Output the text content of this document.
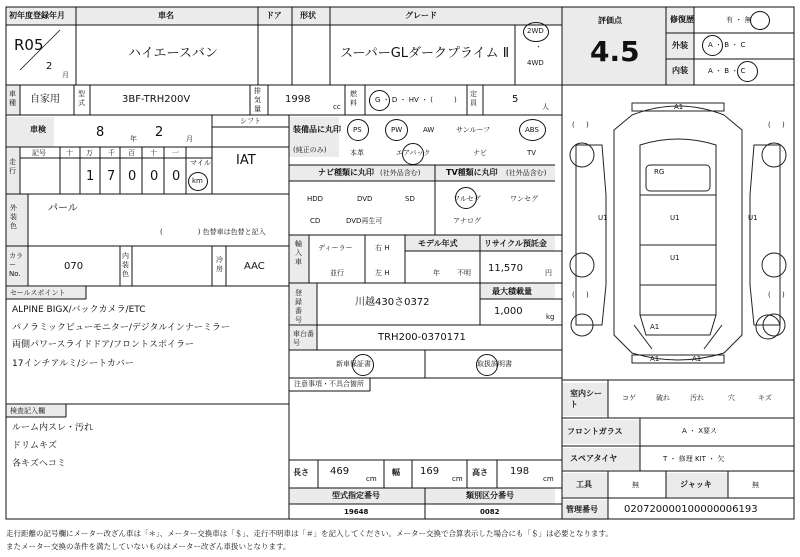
( )	( )
( )	( )
A1
A1
RG
U1	U1
U1
U1
A1	A1
初年度登録年月
R05
2
月
車名
ハイエースバン
ドア 形状	グレード
スーパーGLダークプライム Ⅱ
2WD
・
4WD
評価点
4.5
修復歴	有 ・ 無
外装	A ・ B ・ C
内装	A ・ B ・ C
車種 自家用	型式	3BF-TRH200V
排気量
1998
cc
燃料	G ・ D ・ HV ・ (　　　)
定員	5
人
車検	8	年 2	月
シフト
IAT
走行
記号	十 万 千 百 十 一
1 7 0 0 0
マイル
km
外装色
パール
(　　　　　) 色替車は色替と記入
カラーNo.
070
内装色
冷房 AAC
セールスポイント
ALPINE BIGX/バックカメラ/ETC
パノラミックビューモニター/デジタルインナーミラー
両側パワースライドドア/フロントスポイラー
17インチアルミ/シートカバー
検査記入欄
ルーム内スレ・汚れ
ドリムキズ
各キズヘコミ
装備品に丸印
(純正のみ)
PS	PW	AW	サンルーフ	ABS
本革	エアバック	ナビ	TV
ナビ種類に丸印 (社外品含む)
HDD	DVD	SD
CD	DVD再生可
TV種類に丸印 (社外品含む)
フルセグ	ワンセグ
アナログ
輸入車
ディーラー
並行
右 H
左 H
モデル年式
年 不明
リサイクル預託金
11,570	円
登録番号
川越430さ0372
最大積載量
1,000	kg
車台番号	TRH200-0370171
新車保証書	取扱説明書
注意事項・不具合箇所
長さ 469
cm
幅 169
cm
高さ 198
cm
型式指定番号
19648
類別区分番号
0082
室内シート
コゲ	破れ	汚れ	穴	キズ
フロントガラス	A ・ X要ス
スペアタイヤ	T ・ 修理 KIT ・ 欠
工具	無	ジャッキ	無
管理番号	020720000100000006193
走行距離の記号欄にメーター改ざん車は「＊」、メーター交換車は「＄」、走行不明車は「＃」を記入してください。メーター交換で合算表示した場合にも「＄」は必要となります。
またメーター交換の条件を満たしていないものはメーター改ざん車扱いとなります。
